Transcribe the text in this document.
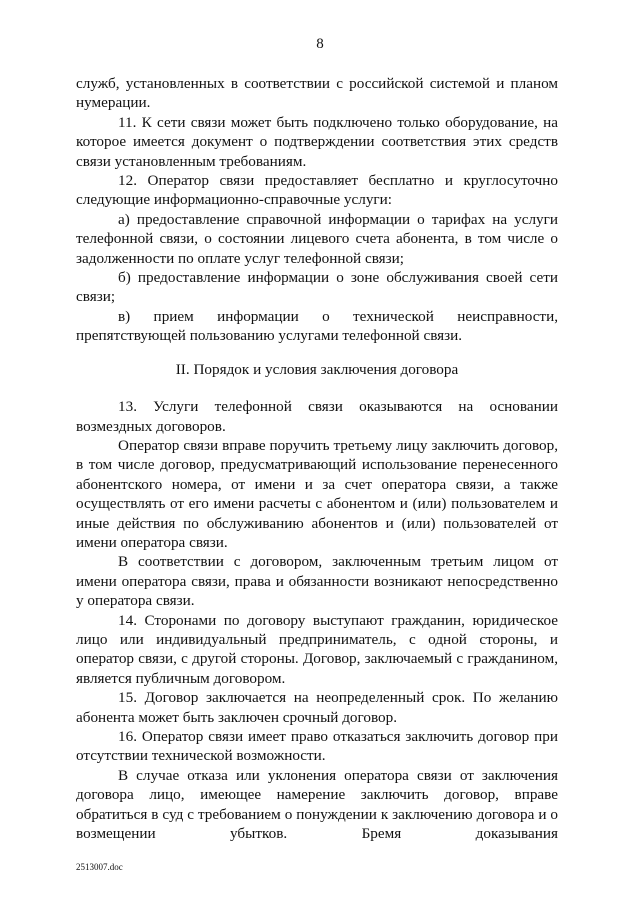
8

служб, установленных в соответствии с российской системой и планом нумерации.

11. К сети связи может быть подключено только оборудование, на которое имеется документ о подтверждении соответствия этих средств связи установленным требованиям.

12. Оператор связи предоставляет бесплатно и круглосуточно следующие информационно-справочные услуги:

а) предоставление справочной информации о тарифах на услуги телефонной связи, о состоянии лицевого счета абонента, в том числе о задолженности по оплате услуг телефонной связи;

б) предоставление информации о зоне обслуживания своей сети связи;

в) прием информации о технической неисправности, препятствующей пользованию услугами телефонной связи.

II. Порядок и условия заключения договора

13. Услуги телефонной связи оказываются на основании возмездных договоров.

Оператор связи вправе поручить третьему лицу заключить договор, в том числе договор, предусматривающий использование перенесенного абонентского номера, от имени и за счет оператора связи, а также осуществлять от его имени расчеты с абонентом и (или) пользователем и иные действия по обслуживанию абонентов и (или) пользователей от имени оператора связи.

В соответствии с договором, заключенным третьим лицом от имени оператора связи, права и обязанности возникают непосредственно у оператора связи.

14. Сторонами по договору выступают гражданин, юридическое лицо или индивидуальный предприниматель, с одной стороны, и оператор связи, с другой стороны. Договор, заключаемый с гражданином, является публичным договором.

15. Договор заключается на неопределенный срок. По желанию абонента может быть заключен срочный договор.

16. Оператор связи имеет право отказаться заключить договор при отсутствии технической возможности.

В случае отказа или уклонения оператора связи от заключения договора лицо, имеющее намерение заключить договор, вправе обратиться в суд с требованием о понуждении к заключению договора и о возмещении убытков. Бремя доказывания

2513007.doc
